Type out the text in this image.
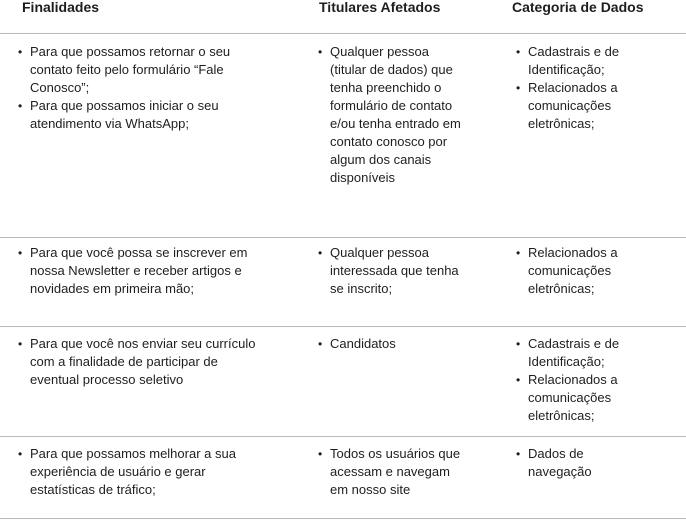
Finalidades	Titulares Afetados	Categoria de Dados
• Para que possamos retornar o seu contato feito pelo formulário “Fale Conosco”;
• Para que possamos iniciar o seu atendimento via WhatsApp;
• Qualquer pessoa (titular de dados) que tenha preenchido o formulário de contato e/ou tenha entrado em contato conosco por algum dos canais disponíveis
• Cadastrais e de Identificação;
• Relacionados a comunicações eletrônicas;
• Para que você possa se inscrever em nossa Newsletter e receber artigos e novidades em primeira mão;
• Qualquer pessoa interessada que tenha se inscrito;
• Relacionados a comunicações eletrônicas;
• Para que você nos enviar seu currículo com a finalidade de participar de eventual processo seletivo
• Candidatos
•	Cadastrais e de Identificação;
• Relacionados a comunicações eletrônicas;
• Para que possamos melhorar a sua experiência de usuário e gerar estatísticas de tráfico;
• Todos os usuários que acessam e navegam em nosso site
• Dados de navegação
